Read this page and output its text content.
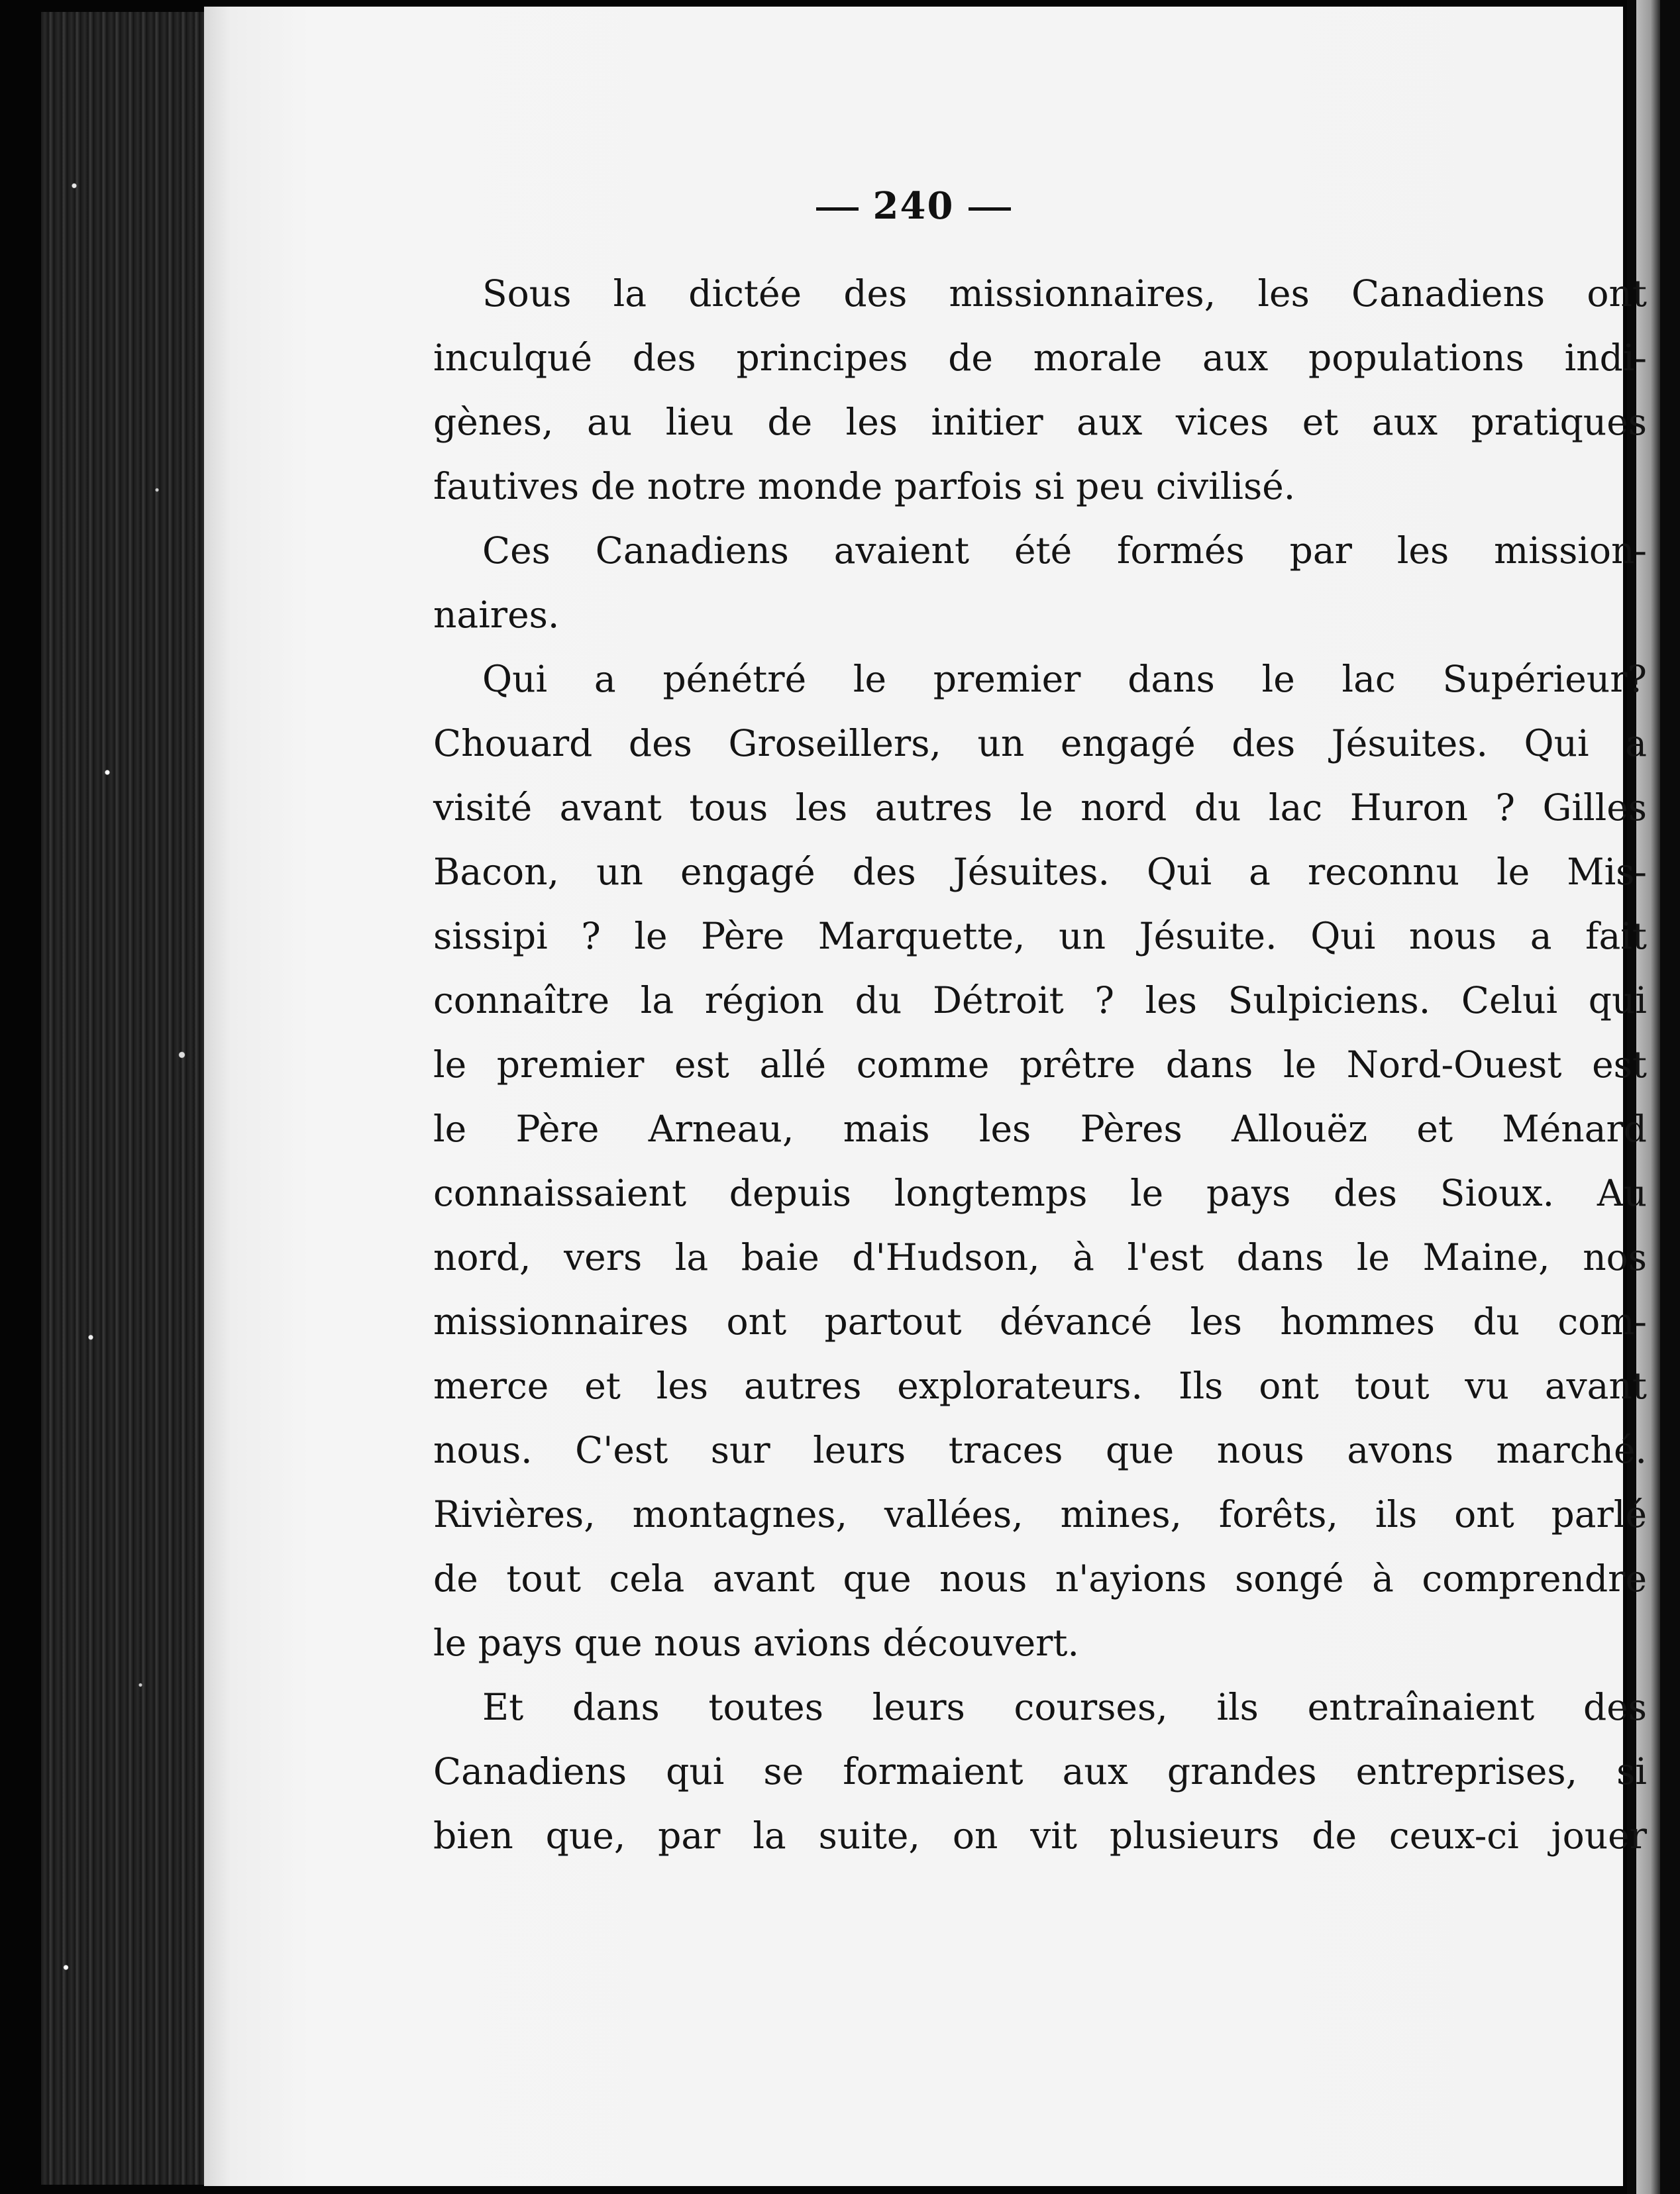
240
Sous la dictée des missionnaires, les Canadiens ont
inculqué des principes de morale aux populations indi-
gènes, au lieu de les initier aux vices et aux pratiques
fautives de notre monde parfois si peu civilisé.
Ces Canadiens avaient été formés par les mission-
naires.
Qui a pénétré le premier dans le lac Supérieur?
Chouard des Groseillers, un engagé des Jésuites. Qui a
visité avant tous les autres le nord du lac Huron ? Gilles
Bacon, un engagé des Jésuites. Qui a reconnu le Mis-
sissipi ? le Père Marquette, un Jésuite. Qui nous a fait
connaître la région du Détroit ? les Sulpiciens. Celui qui
le premier est allé comme prêtre dans le Nord-Ouest est
le Père Arneau, mais les Pères Allouëz et Ménard
connaissaient depuis longtemps le pays des Sioux. Au
nord, vers la baie d'Hudson, à l'est dans le Maine, nos
missionnaires ont partout dévancé les hommes du com-
merce et les autres explorateurs. Ils ont tout vu avant
nous. C'est sur leurs traces que nous avons marché.
Rivières, montagnes, vallées, mines, forêts, ils ont parlé
de tout cela avant que nous n'ayions songé à comprendre
le pays que nous avions découvert.
Et dans toutes leurs courses, ils entraînaient des
Canadiens qui se formaient aux grandes entreprises, si
bien que, par la suite, on vit plusieurs de ceux-ci jouer
